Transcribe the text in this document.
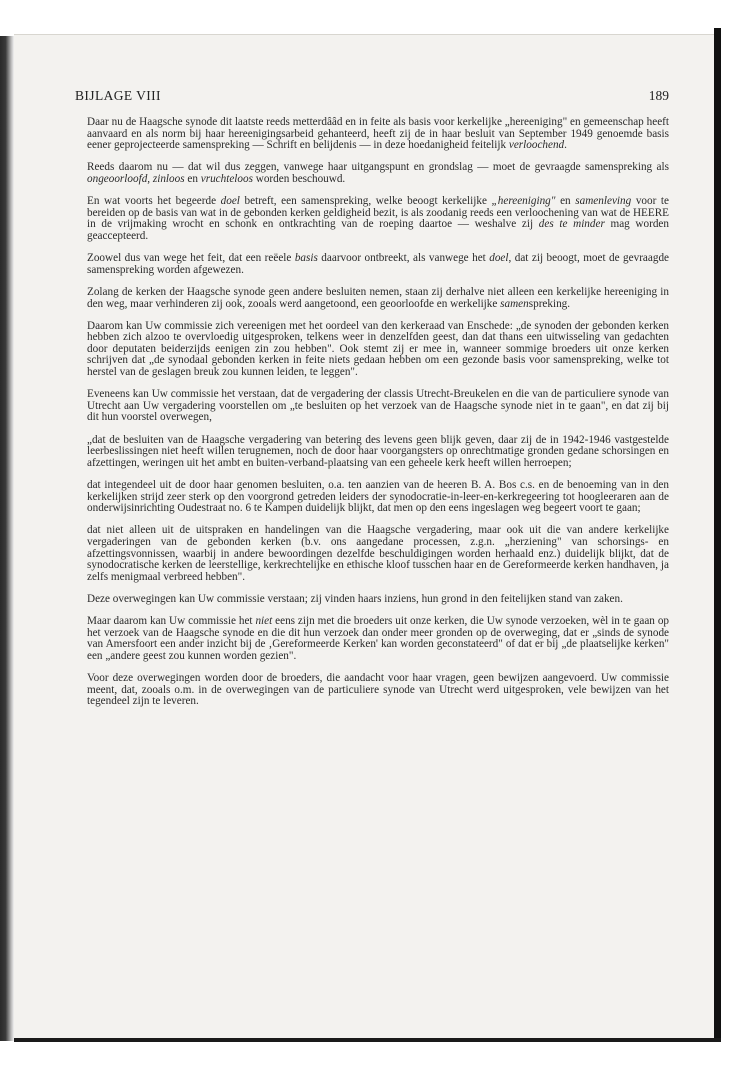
BIJLAGE VIII	189

Daar nu de Haagsche synode dit laatste reeds metterdââd en in feite als basis voor kerkelijke „hereeniging" en gemeenschap heeft aanvaard en als norm bij haar hereenigingsarbeid gehanteerd, heeft zij de in haar besluit van September 1949 genoemde basis eener geprojecteerde samenspreking — Schrift en belijdenis — in deze hoedanigheid feitelijk verloochend.

Reeds daarom nu — dat wil dus zeggen, vanwege haar uitgangspunt en grondslag — moet de gevraagde samenspreking als ongeoorloofd, zinloos en vruchteloos worden beschouwd.

En wat voorts het begeerde doel betreft, een samenspreking, welke beoogt kerkelijke „hereeniging" en samenleving voor te bereiden op de basis van wat in de gebonden kerken geldigheid bezit, is als zoodanig reeds een verloochening van wat de HEERE in de vrijmaking wrocht en schonk en ontkrachting van de roeping daartoe — weshalve zij des te minder mag worden geaccepteerd.

Zoowel dus van wege het feit, dat een reëele basis daarvoor ontbreekt, als vanwege het doel, dat zij beoogt, moet de gevraagde samenspreking worden afgewezen.

Zolang de kerken der Haagsche synode geen andere besluiten nemen, staan zij derhalve niet alleen een kerkelijke hereeniging in den weg, maar verhinderen zij ook, zooals werd aangetoond, een geoorloofde en werkelijke samenspreking.

Daarom kan Uw commissie zich vereenigen met het oordeel van den kerkeraad van Enschede: „de synoden der gebonden kerken hebben zich alzoo te overvloedig uitgesproken, telkens weer in denzelfden geest, dan dat thans een uitwisseling van gedachten door deputaten beiderzijds eenigen zin zou hebben". Ook stemt zij er mee in, wanneer sommige broeders uit onze kerken schrijven dat „de synodaal gebonden kerken in feite niets gedaan hebben om een gezonde basis voor samenspreking, welke tot herstel van de geslagen breuk zou kunnen leiden, te leggen".

Eveneens kan Uw commissie het verstaan, dat de vergadering der classis Utrecht-Breukelen en die van de particuliere synode van Utrecht aan Uw vergadering voorstellen om „te besluiten op het verzoek van de Haagsche synode niet in te gaan", en dat zij bij dit hun voorstel overwegen,

„dat de besluiten van de Haagsche vergadering van betering des levens geen blijk geven, daar zij de in 1942-1946 vastgestelde leerbeslissingen niet heeft willen terugnemen, noch de door haar voorgangsters op onrechtmatige gronden gedane schorsingen en afzettingen, weringen uit het ambt en buiten-verband-plaatsing van een geheele kerk heeft willen herroepen;

dat integendeel uit de door haar genomen besluiten, o.a. ten aanzien van de heeren B. A. Bos c.s. en de benoeming van in den kerkelijken strijd zeer sterk op den voorgrond getreden leiders der synodocratie-in-leer-en-kerkregeering tot hoogleeraren aan de onderwijsinrichting Oudestraat no. 6 te Kampen duidelijk blijkt, dat men op den eens ingeslagen weg begeert voort te gaan;

dat niet alleen uit de uitspraken en handelingen van die Haagsche vergadering, maar ook uit die van andere kerkelijke vergaderingen van de gebonden kerken (b.v. ons aangedane processen, z.g.n. „herziening" van schorsings- en afzettingsvonnissen, waarbij in andere bewoordingen dezelfde beschuldigingen worden herhaald enz.) duidelijk blijkt, dat de synodocratische kerken de leerstellige, kerkrechtelijke en ethische kloof tusschen haar en de Gereformeerde kerken handhaven, ja zelfs menigmaal verbreed hebben".

Deze overwegingen kan Uw commissie verstaan; zij vinden haars inziens, hun grond in den feitelijken stand van zaken.

Maar daarom kan Uw commissie het niet eens zijn met die broeders uit onze kerken, die Uw synode verzoeken, wèl in te gaan op het verzoek van de Haagsche synode en die dit hun verzoek dan onder meer gronden op de overweging, dat er „sinds de synode van Amersfoort een ander inzicht bij de ‚Gereformeerde Kerken' kan worden geconstateerd" of dat er bij „de plaatselijke kerken" een „andere geest zou kunnen worden gezien".

Voor deze overwegingen worden door de broeders, die aandacht voor haar vragen, geen bewijzen aangevoerd. Uw commissie meent, dat, zooals o.m. in de overwegingen van de particuliere synode van Utrecht werd uitgesproken, vele bewijzen van het tegendeel zijn te leveren.
